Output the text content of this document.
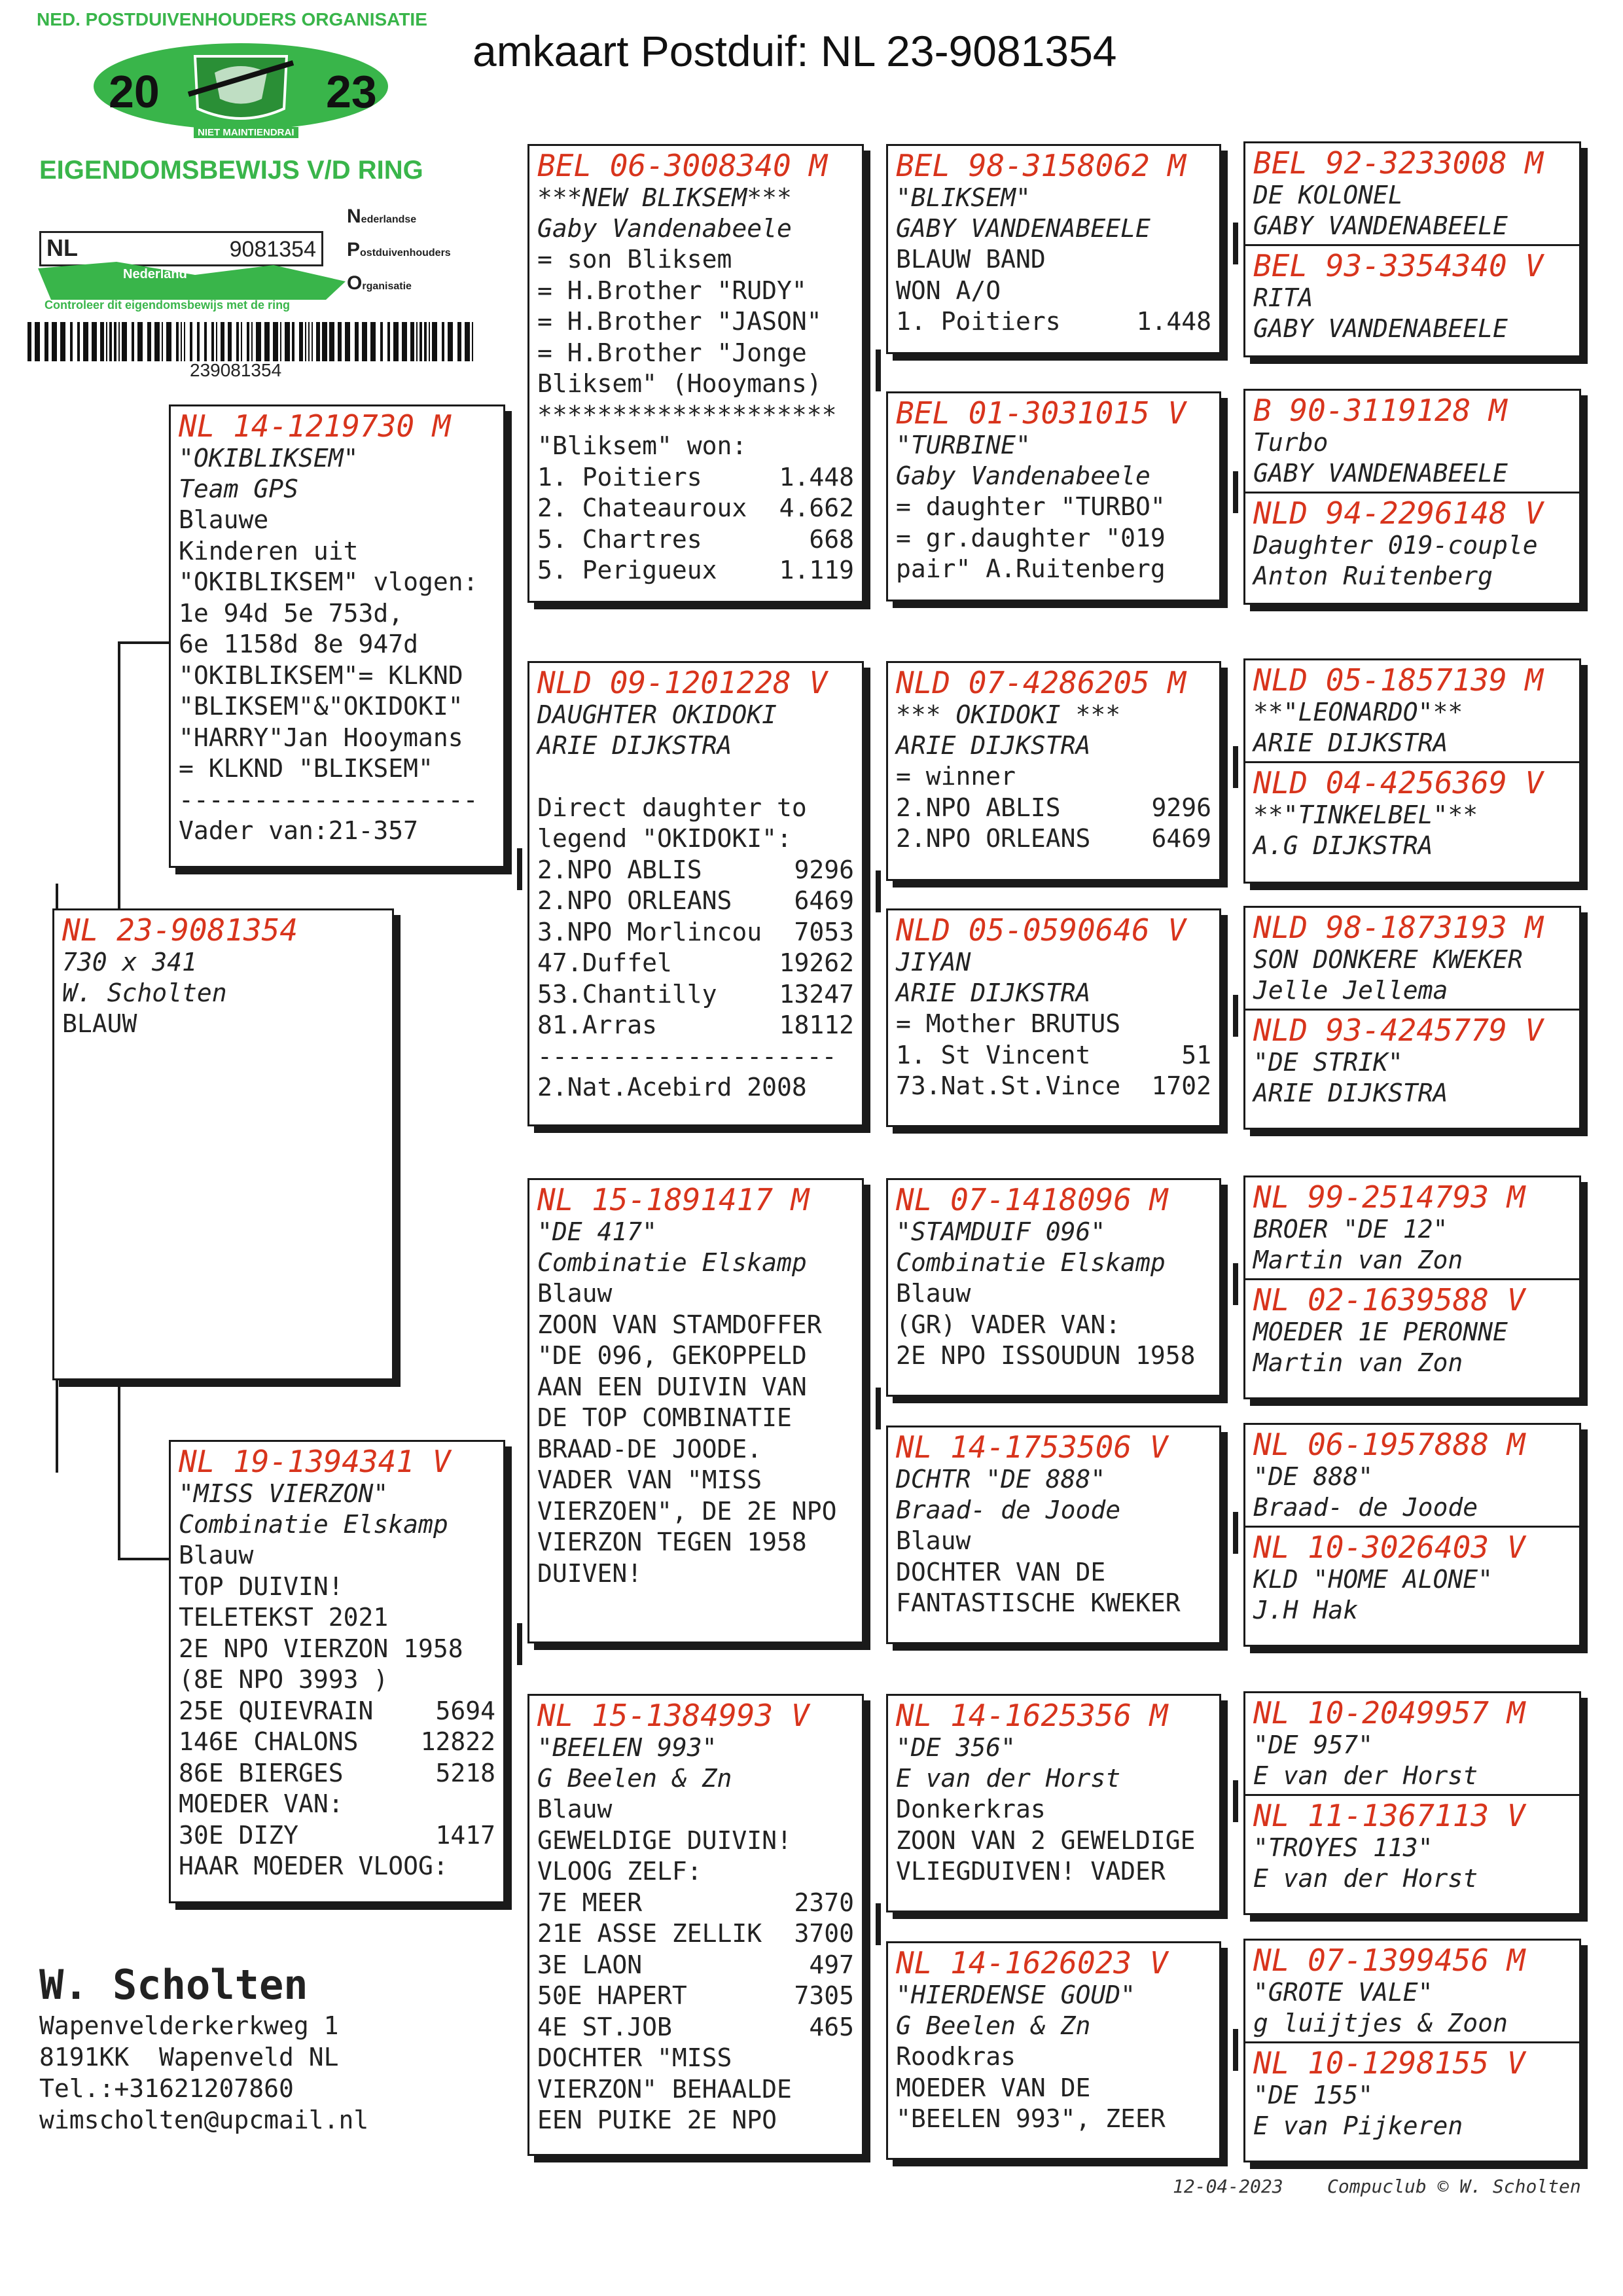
amkaart Postduif: NL 23-9081354
NED. POSTDUIVENHOUDERS ORGANISATIE
20	23
NIET MAINTIENDRAI
EIGENDOMSBEWIJS V/D RING
NL	9081354
Nederlandse
Postduivenhouders
Organisatie
Nederland
Controleer dit eigendomsbewijs met de ring
239081354
NL 23-9081354
730 x 341
W. Scholten
BLAUW
NL 14-1219730 M
"OKIBLIKSEM"
Team GPS
Blauwe
Kinderen uit
"OKIBLIKSEM" vlogen:
1e 94d 5e 753d,
6e 1158d 8e 947d
"OKIBLIKSEM"= KLKND
"BLIKSEM"&"OKIDOKI"
"HARRY"Jan Hooymans
= KLKND "BLIKSEM"
--------------------
Vader van:21-357
NL 19-1394341 V
"MISS VIERZON"
Combinatie Elskamp
Blauw
TOP DUIVIN!
TELETEKST 2021
2E NPO VIERZON 1958
(8E NPO 3993 )
25E QUIEVRAIN	5694
146E CHALONS	12822
86E BIERGES	5218
MOEDER VAN:
30E DIZY	1417
HAAR MOEDER VLOOG:
BEL 06-3008340 M
***NEW BLIKSEM***
Gaby Vandenabeele
= son Bliksem
= H.Brother "RUDY"
= H.Brother "JASON"
= H.Brother "Jonge
Bliksem" (Hooymans)
********************
"Bliksem" won:
1. Poitiers	1.448
2. Chateauroux 4.662
5. Chartres	668
5. Perigueux	1.119
NLD 09-1201228 V
DAUGHTER OKIDOKI
ARIE DIJKSTRA

Direct daughter to
legend "OKIDOKI":
2.NPO ABLIS	9296
2.NPO ORLEANS	6469
3.NPO Morlincou 7053
47.Duffel	19262
53.Chantilly	13247
81.Arras	18112
--------------------
2.Nat.Acebird 2008
NL 15-1891417 M
"DE 417"
Combinatie Elskamp
Blauw
ZOON VAN STAMDOFFER
"DE 096, GEKOPPELD
AAN EEN DUIVIN VAN
DE TOP COMBINATIE
BRAAD-DE JOODE.
VADER VAN "MISS
VIERZOEN", DE 2E NPO
VIERZON TEGEN 1958
DUIVEN!
NL 15-1384993 V
"BEELEN 993"
G Beelen & Zn
Blauw
GEWELDIGE DUIVIN!
VLOOG ZELF:
7E MEER	2370
21E ASSE ZELLIK 3700
3E LAON	497
50E HAPERT	7305
4E ST.JOB	465
DOCHTER "MISS
VIERZON" BEHAALDE
EEN PUIKE 2E NPO
BEL 98-3158062 M
"BLIKSEM"
GABY VANDENABEELE
BLAUW BAND
WON A/O
1. Poitiers	1.448
BEL 01-3031015 V
"TURBINE"
Gaby Vandenabeele
= daughter "TURBO"
= gr.daughter "019
pair" A.Ruitenberg
NLD 07-4286205 M
*** OKIDOKI ***
ARIE DIJKSTRA
= winner
2.NPO ABLIS	9296
2.NPO ORLEANS 6469
NLD 05-0590646 V
JIYAN
ARIE DIJKSTRA
= Mother BRUTUS
1. St Vincent	51
73.Nat.St.Vince 1702
NL 07-1418096 M
"STAMDUIF 096"
Combinatie Elskamp
Blauw
(GR) VADER VAN:
2E NPO ISSOUDUN 1958
NL 14-1753506 V
DCHTR "DE 888"
Braad- de Joode
Blauw
DOCHTER VAN DE
FANTASTISCHE KWEKER
NL 14-1625356 M
"DE 356"
E van der Horst
Donkerkras
ZOON VAN 2 GEWELDIGE
VLIEGDUIVEN! VADER
NL 14-1626023 V
"HIERDENSE GOUD"
G Beelen & Zn
Roodkras
MOEDER VAN DE
"BEELEN 993", ZEER
BEL 92-3233008 M
DE KOLONEL
GABY VANDENABEELE
BEL 93-3354340 V
RITA
GABY VANDENABEELE
B 90-3119128 M
Turbo
GABY VANDENABEELE
NLD 94-2296148 V
Daughter 019-couple
Anton Ruitenberg
NLD 05-1857139 M
**"LEONARDO"**
ARIE DIJKSTRA
NLD 04-4256369 V
**"TINKELBEL"**
A.G DIJKSTRA
NLD 98-1873193 M
SON DONKERE KWEKER
Jelle Jellema
NLD 93-4245779 V
"DE STRIK"
ARIE DIJKSTRA
NL 99-2514793 M
BROER "DE 12"
Martin van Zon
NL 02-1639588 V
MOEDER 1E PERONNE
Martin van Zon
NL 06-1957888 M
"DE 888"
Braad- de Joode
NL 10-3026403 V
KLD "HOME ALONE"
J.H Hak
NL 10-2049957 M
"DE 957"
E van der Horst
NL 11-1367113 V
"TROYES 113"
E van der Horst
NL 07-1399456 M
"GROTE VALE"
g luijtjes & Zoon
NL 10-1298155 V
"DE 155"
E van Pijkeren
W. Scholten
Wapenvelderkerkweg 1
8191KK  Wapenveld NL
Tel.:+31621207860
wimscholten@upcmail.nl
12-04-2023 Compuclub © W. Scholten
